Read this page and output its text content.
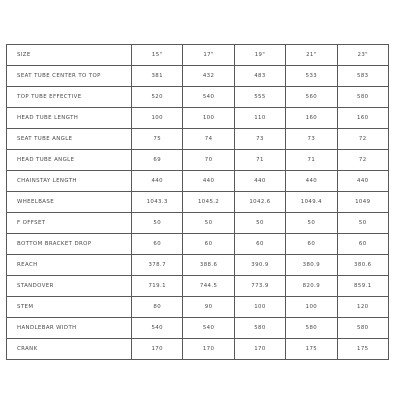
SIZE	15"	17"	19"	21"	23"
SEAT TUBE CENTER TO TOP	381	432	483	533	583
TOP TUBE EFFECTIVE	520	540	555	560	580
HEAD TUBE LENGTH	100	100	110	160	160
SEAT TUBE ANGLE	75	74	73	73	72
HEAD TUBE ANGLE	69	70	71	71	72
CHAINSTAY LENGTH	440	440	440	440	440
WHEELBASE	1043.3	1045.2	1042.6	1049.4	1049
F OFFSET	50	50	50	50	50
BOTTOM BRACKET DROP	60	60	60	60	60
REACH	378.7	388.6	390.9	380.9	380.6
STANDOVER	719.1	744.5	773.9	820.9	859.1
STEM	80	90	100	100	120
HANDLEBAR WIDTH	540	540	580	580	580
CRANK	170	170	170	175	175
